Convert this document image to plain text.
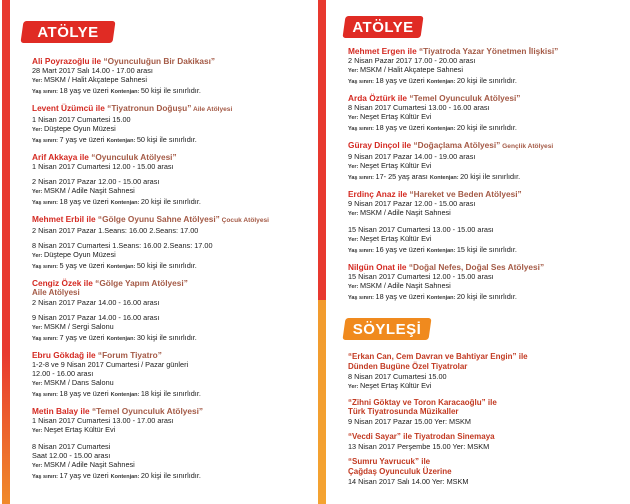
ATÖLYE
Ali Poyrazoğlu ile “Oyunculuğun Bir Dakikası”
28 Mart 2017 Salı 14.00 - 17.00 arası
Yer: MSKM / Halit Akçatepe Sahnesi
Yaş sınırı: 18 yaş ve üzeri Kontenjan: 50 kişi ile sınırlıdır.
Levent Üzümcü ile “Tiyatronun Doğuşu” Aile Atölyesi
1 Nisan 2017 Cumartesi 15.00
Yer: Düştepe Oyun Müzesi
Yaş sınırı: 7 yaş ve üzeri Kontenjan: 50 kişi ile sınırlıdır.
Arif Akkaya ile “Oyunculuk Atölyesi”
1 Nisan 2017 Cumartesi 12.00 - 15.00 arası
2 Nisan 2017 Pazar 12.00 - 15.00 arası
Yer: MSKM / Adile Naşit Sahnesi
Yaş sınırı: 18 yaş ve üzeri Kontenjan: 20 kişi ile sınırlıdır.
Mehmet Erbil ile “Gölge Oyunu Sahne Atölyesi” Çocuk Atölyesi
2 Nisan 2017 Pazar 1.Seans: 16.00 2.Seans: 17.00
8 Nisan 2017 Cumartesi 1.Seans: 16.00 2.Seans: 17.00
Yer: Düştepe Oyun Müzesi
Yaş sınırı: 5 yaş ve üzeri Kontenjan: 50 kişi ile sınırlıdır.
Cengiz Özek ile “Gölge Yapım Atölyesi”
Aile Atölyesi
2 Nisan 2017 Pazar 14.00 - 16.00 arası
9 Nisan 2017 Pazar 14.00 - 16.00 arası
Yer: MSKM / Sergi Salonu
Yaş sınırı: 7 yaş ve üzeri Kontenjan: 30 kişi ile sınırlıdır.
Ebru Gökdağ ile “Forum Tiyatro”
1-2-8 ve 9 Nisan 2017 Cumartesi / Pazar günleri
12.00 - 16.00 arası
Yer: MSKM / Dans Salonu
Yaş sınırı: 18 yaş ve üzeri Kontenjan: 18 kişi ile sınırlıdır.
Metin Balay ile “Temel Oyunculuk Atölyesi”
1 Nisan 2017 Cumartesi 13.00 - 17.00 arası
Yer: Neşet Ertaş Kültür Evi
8 Nisan 2017 Cumartesi
Saat 12.00 - 15.00 arası
Yer: MSKM / Adile Naşit Sahnesi
Yaş sınırı: 17 yaş ve üzeri Kontenjan: 20 kişi ile sınırlıdır.
ATÖLYE
Mehmet Ergen ile “Tiyatroda Yazar Yönetmen İlişkisi”
2 Nisan Pazar 2017 17.00 - 20.00 arası
Yer: MSKM / Halit Akçatepe Sahnesi
Yaş sınırı: 18 yaş ve üzeri Kontenjan: 20 kişi ile sınırlıdır.
Arda Öztürk ile “Temel Oyunculuk Atölyesi”
8 Nisan 2017 Cumartesi 13.00 - 16.00 arası
Yer: Neşet Ertaş Kültür Evi
Yaş sınırı: 18 yaş ve üzeri Kontenjan: 20 kişi ile sınırlıdır.
Güray Dinçol ile “Doğaçlama Atölyesi” Gençlik Atölyesi
9 Nisan 2017 Pazar 14.00 - 19.00 arası
Yer: Neşet Ertaş Kültür Evi
Yaş sınırı: 17- 25 yaş arası Kontenjan: 20 kişi ile sınırlıdır.
Erdinç Anaz ile “Hareket ve Beden Atölyesi”
9 Nisan 2017 Pazar 12.00 - 15.00 arası
Yer: MSKM / Adile Naşit Sahnesi
15 Nisan 2017 Cumartesi 13.00 - 15.00 arası
Yer: Neşet Ertaş Kültür Evi
Yaş sınırı: 16 yaş ve üzeri Kontenjan: 15 kişi ile sınırlıdır.
Nilgün Onat ile “Doğal Nefes, Doğal Ses Atölyesi”
15 Nisan 2017 Cumartesi 12.00 - 15.00 arası
Yer: MSKM / Adile Naşit Sahnesi
Yaş sınırı: 18 yaş ve üzeri Kontenjan: 20 kişi ile sınırlıdır.
SÖYLEŞİ
“Erkan Can, Cem Davran ve Bahtiyar Engin” ile
Dünden Bugüne Özel Tiyatrolar
8 Nisan 2017 Cumartesi 15.00
Yer: Neşet Ertaş Kültür Evi
“Zihni Göktay ve Toron Karacaoğlu” ile
Türk Tiyatrosunda Müzikaller
9 Nisan 2017 Pazar 15.00 Yer: MSKM
“Vecdi Sayar” ile Tiyatrodan Sinemaya
13 Nisan 2017 Perşembe 15.00 Yer: MSKM
“Sumru Yavrucuk” ile
Çağdaş Oyunculuk Üzerine
14 Nisan 2017 Salı 14.00 Yer: MSKM
